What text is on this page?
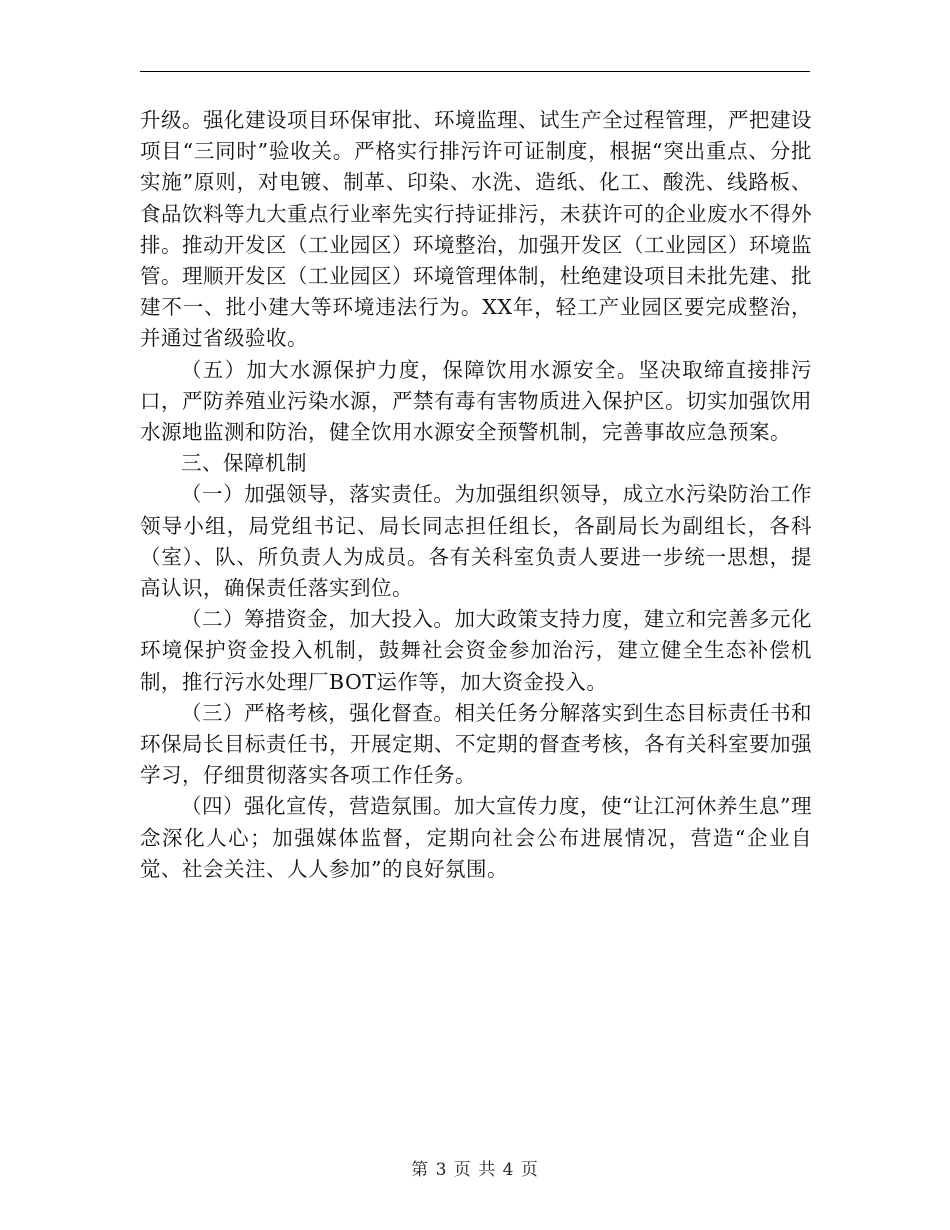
升级。强化建设项目环保审批、环境监理、试生产全过程管理，严把建设项目“三同时”验收关。严格实行排污许可证制度，根据“突出重点、分批实施”原则，对电镀、制革、印染、水洗、造纸、化工、酸洗、线路板、食品饮料等九大重点行业率先实行持证排污，未获许可的企业废水不得外排。推动开发区（工业园区）环境整治，加强开发区（工业园区）环境监管。理顺开发区（工业园区）环境管理体制，杜绝建设项目未批先建、批建不一、批小建大等环境违法行为。XX年，轻工产业园区要完成整治，并通过省级验收。

（五）加大水源保护力度，保障饮用水源安全。坚决取缔直接排污口，严防养殖业污染水源，严禁有毒有害物质进入保护区。切实加强饮用水源地监测和防治，健全饮用水源安全预警机制，完善事故应急预案。

三、保障机制

（一）加强领导，落实责任。为加强组织领导，成立水污染防治工作领导小组，局党组书记、局长同志担任组长，各副局长为副组长，各科（室）、队、所负责人为成员。各有关科室负责人要进一步统一思想，提高认识，确保责任落实到位。

（二）筹措资金，加大投入。加大政策支持力度，建立和完善多元化环境保护资金投入机制，鼓舞社会资金参加治污，建立健全生态补偿机制，推行污水处理厂BOT运作等，加大资金投入。

（三）严格考核，强化督查。相关任务分解落实到生态目标责任书和环保局长目标责任书，开展定期、不定期的督查考核，各有关科室要加强学习，仔细贯彻落实各项工作任务。

（四）强化宣传，营造氛围。加大宣传力度，使“让江河休养生息”理念深化人心；加强媒体监督，定期向社会公布进展情况，营造“企业自觉、社会关注、人人参加”的良好氛围。

第 3 页 共 4 页
